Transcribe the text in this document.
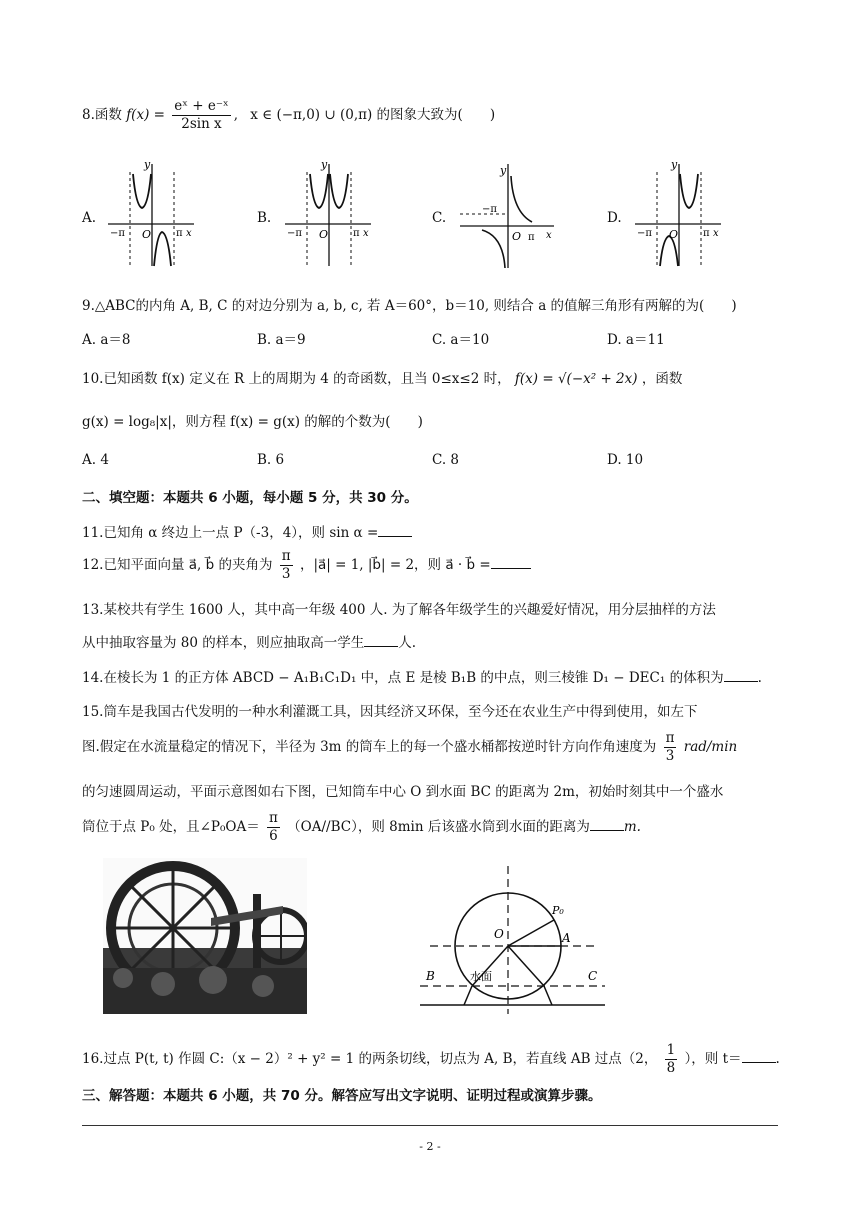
8.函数 $f(x) = \frac{\text{eˣ + e⁻ˣ}}{\text{2sin x}}$ , x ∈ (−π,0) ∪ (0,π) 的图象大致为(　　)
A.	B.	C.	D.
y
O
−π	π x
y
O
−π	π x
y
O
−π
π x
y
O
−π	π x
9.△ABC的内角 A, B, C 的对边分别为 a, b, c, 若 A＝60°，b＝10, 则结合 a 的值解三角形有两解的为(　　)
A. a＝8	B. a＝9	C. a＝10	D. a＝11
10.已知函数 f(x) 定义在 R 上的周期为 4 的奇函数，且当 0≤x≤2 时， f(x) = √(−x² + 2x) ，函数
g(x) = log₈|x|，则方程 f(x) = g(x) 的解的个数为(　　)
A. 4	B. 6	C. 8	D. 10
二、填空题：本题共 6 小题，每小题 5 分，共 30 分。
11.已知角 α 终边上一点 P（-3，4），则 sin α =
12.已知平面向量 a⃗, b⃗ 的夹角为 $\frac{\pi}{3}$ ，|a⃗| = 1, |b⃗| = 2，则 a⃗ · b⃗ =
13.某校共有学生 1600 人，其中高一年级 400 人. 为了解各年级学生的兴趣爱好情况，用分层抽样的方法
从中抽取容量为 80 的样本，则应抽取高一学生	人.
14.在棱长为 1 的正方体 ABCD − A₁B₁C₁D₁ 中，点 E 是棱 B₁B 的中点，则三棱锥 D₁ − DEC₁ 的体积为	.
15.筒车是我国古代发明的一种水利灌溉工具，因其经济又环保，至今还在农业生产中得到使用，如左下
图.假定在水流量稳定的情况下，半径为 3m 的筒车上的每一个盛水桶都按逆时针方向作角速度为 $\frac{\pi}{3} rad/\min$
的匀速圆周运动，平面示意图如右下图，已知筒车中心 O 到水面 BC 的距离为 2m，初始时刻其中一个盛水
筒位于点 P₀ 处，且∠P₀OA＝ $\frac{\pi}{6} (OA//BC)$，则 8min 后该盛水筒到水面的距离为	m.
O	A
B	C
P₀
水面
16.过点 P(t, t) 作圆 C:（x − 2）² + y² = 1 的两条切线，切点为 A, B，若直线 AB 过点（2， $\frac{1}{8}$ ），则 t＝	.
三、解答题：本题共 6 小题，共 70 分。解答应写出文字说明、证明过程或演算步骤。
- 2 -
